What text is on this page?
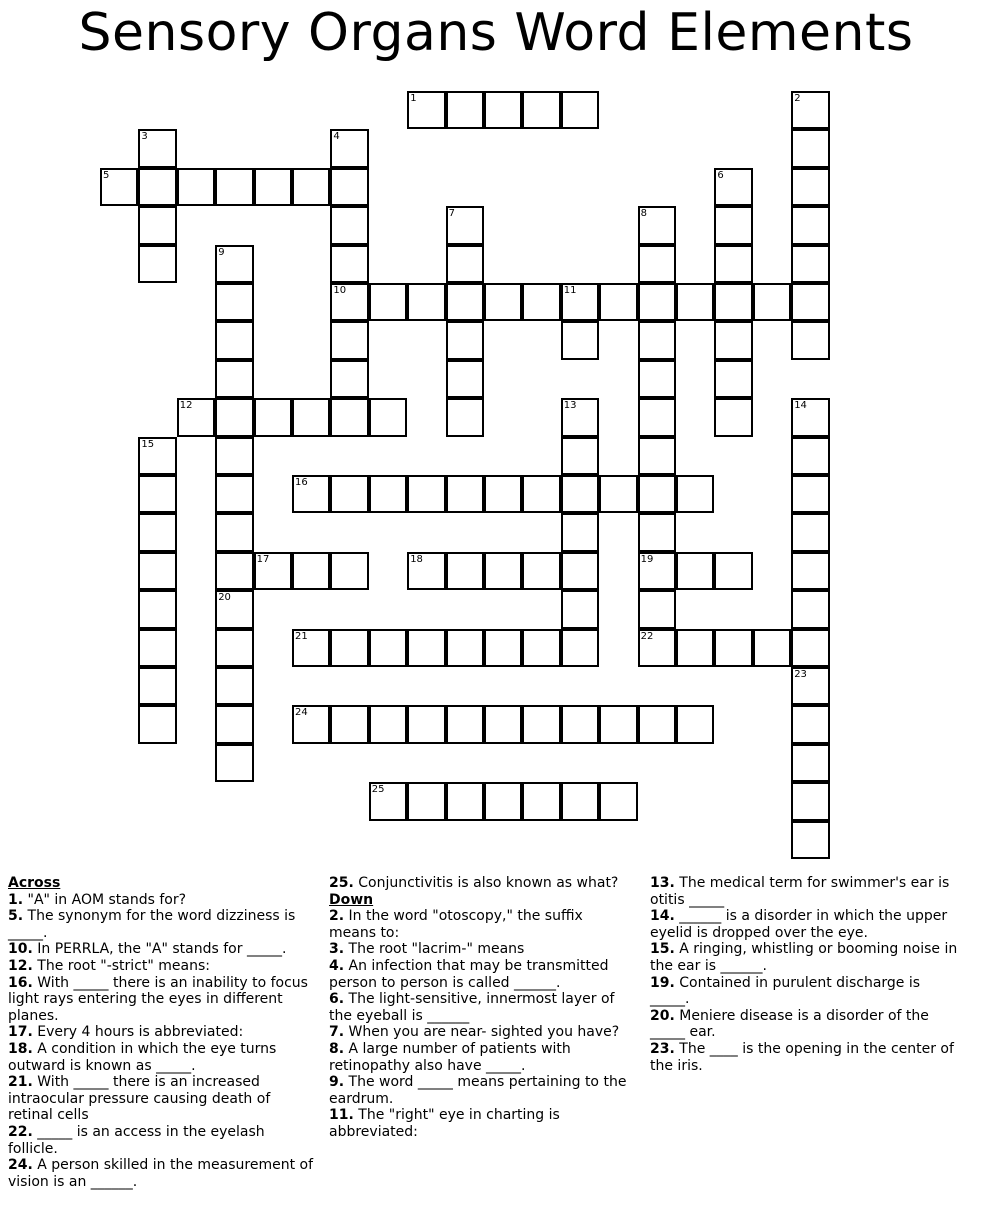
Sensory Organs Word Elements
1
5
10	11
12
16
17	18	19
21	22
24
25
2
3	4
6
7	8
9
13	14
15
20
23
Across
1. "A" in AOM stands for?
5. The synonym for the word dizziness is _____.
10. In PERRLA, the "A" stands for _____.
12. The root "-strict" means:
16. With _____ there is an inability to focus light rays entering the eyes in different planes.
17. Every 4 hours is abbreviated:
18. A condition in which the eye turns outward is known as _____.
21. With _____ there is an increased intraocular pressure causing death of retinal cells
22. _____ is an access in the eyelash follicle.
24. A person skilled in the measurement of vision is an ______.
25. Conjunctivitis is also known as what?
Down
2. In the word "otoscopy," the suffix means to:
3. The root "lacrim-" means
4. An infection that may be transmitted person to person is called ______.
6. The light-sensitive, innermost layer of the eyeball is ______
7. When you are near- sighted you have?
8. A large number of patients with retinopathy also have _____.
9. The word _____ means pertaining to the eardrum.
11. The "right" eye in charting is abbreviated:
13. The medical term for swimmer's ear is otitis _____
14. ______ is a disorder in which the upper eyelid is dropped over the eye.
15. A ringing, whistling or booming noise in the ear is ______.
19. Contained in purulent discharge is _____.
20. Meniere disease is a disorder of the _____ ear.
23. The ____ is the opening in the center of the iris.
